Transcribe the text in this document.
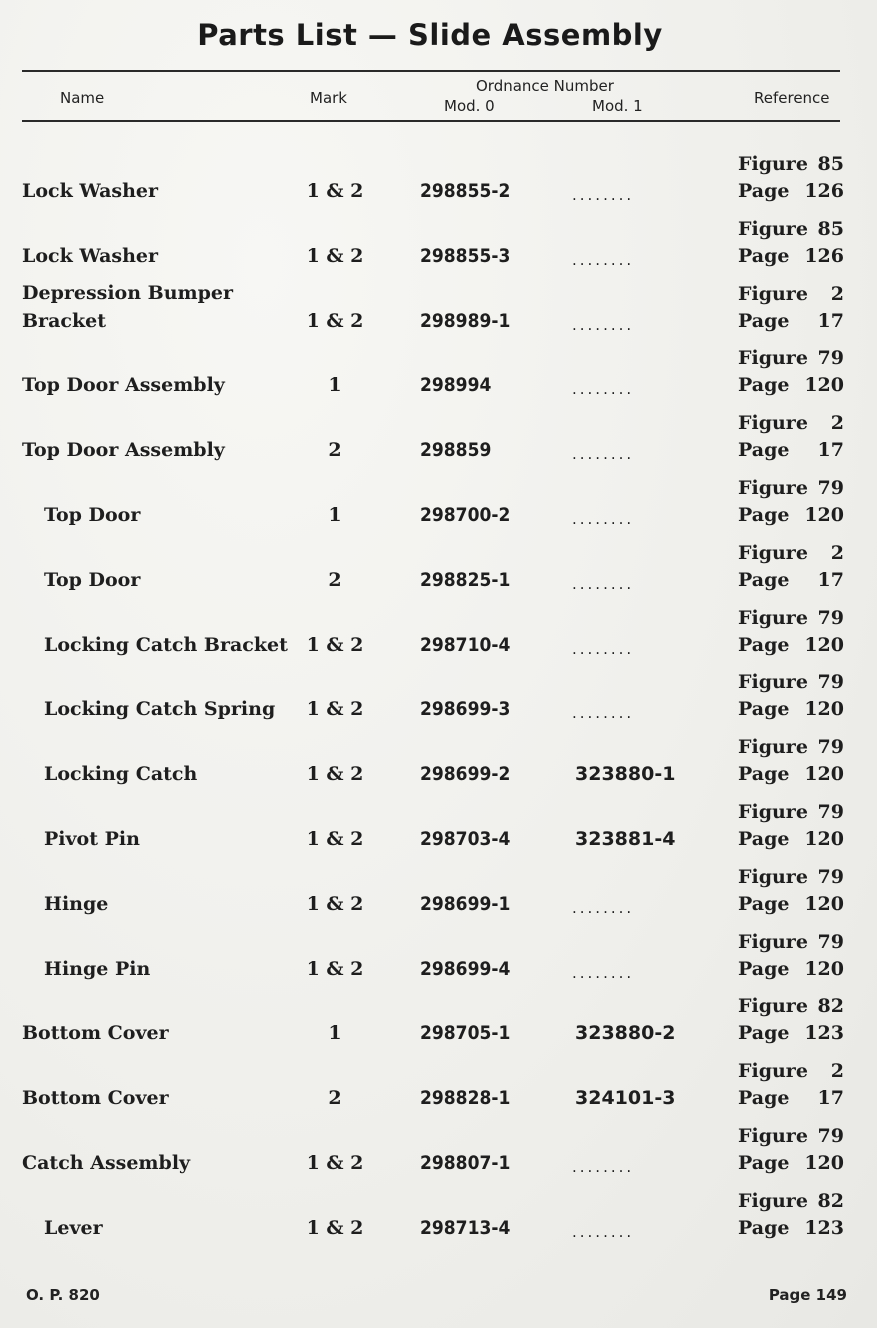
Parts List — Slide Assembly
Name	Mark
Ordnance Number
Mod. 0	Mod. 1	Reference
Lock Washer	1 & 2	298855-2	........
Figure 85
Page 126
Lock Washer	1 & 2	298855-3	........
Figure 85
Page 126
Depression Bumper
Bracket	1 & 2	298989-1	........
Figure 2
Page 17
Top Door Assembly	1	298994	........
Figure 79
Page 120
Top Door Assembly	2	298859	........
Figure 2
Page 17
Top Door	1	298700-2	........
Figure 79
Page 120
Top Door	2	298825-1	........
Figure 2
Page 17
Locking Catch Bracket 1 & 2	298710-4	........
Figure 79
Page 120
Locking Catch Spring	1 & 2	298699-3	........
Figure 79
Page 120
Locking Catch	1 & 2	298699-2	323880-1
Figure 79
Page 120
Pivot Pin	1 & 2	298703-4	323881-4
Figure 79
Page 120
Hinge	1 & 2	298699-1	........
Figure 79
Page 120
Hinge Pin	1 & 2	298699-4	........
Figure 79
Page 120
Bottom Cover	1	298705-1	323880-2
Figure 82
Page 123
Bottom Cover	2	298828-1	324101-3
Figure 2
Page 17
Catch Assembly	1 & 2	298807-1	........
Figure 79
Page 120
Lever	1 & 2	298713-4	........
Figure 82
Page 123
O. P. 820	Page 149
